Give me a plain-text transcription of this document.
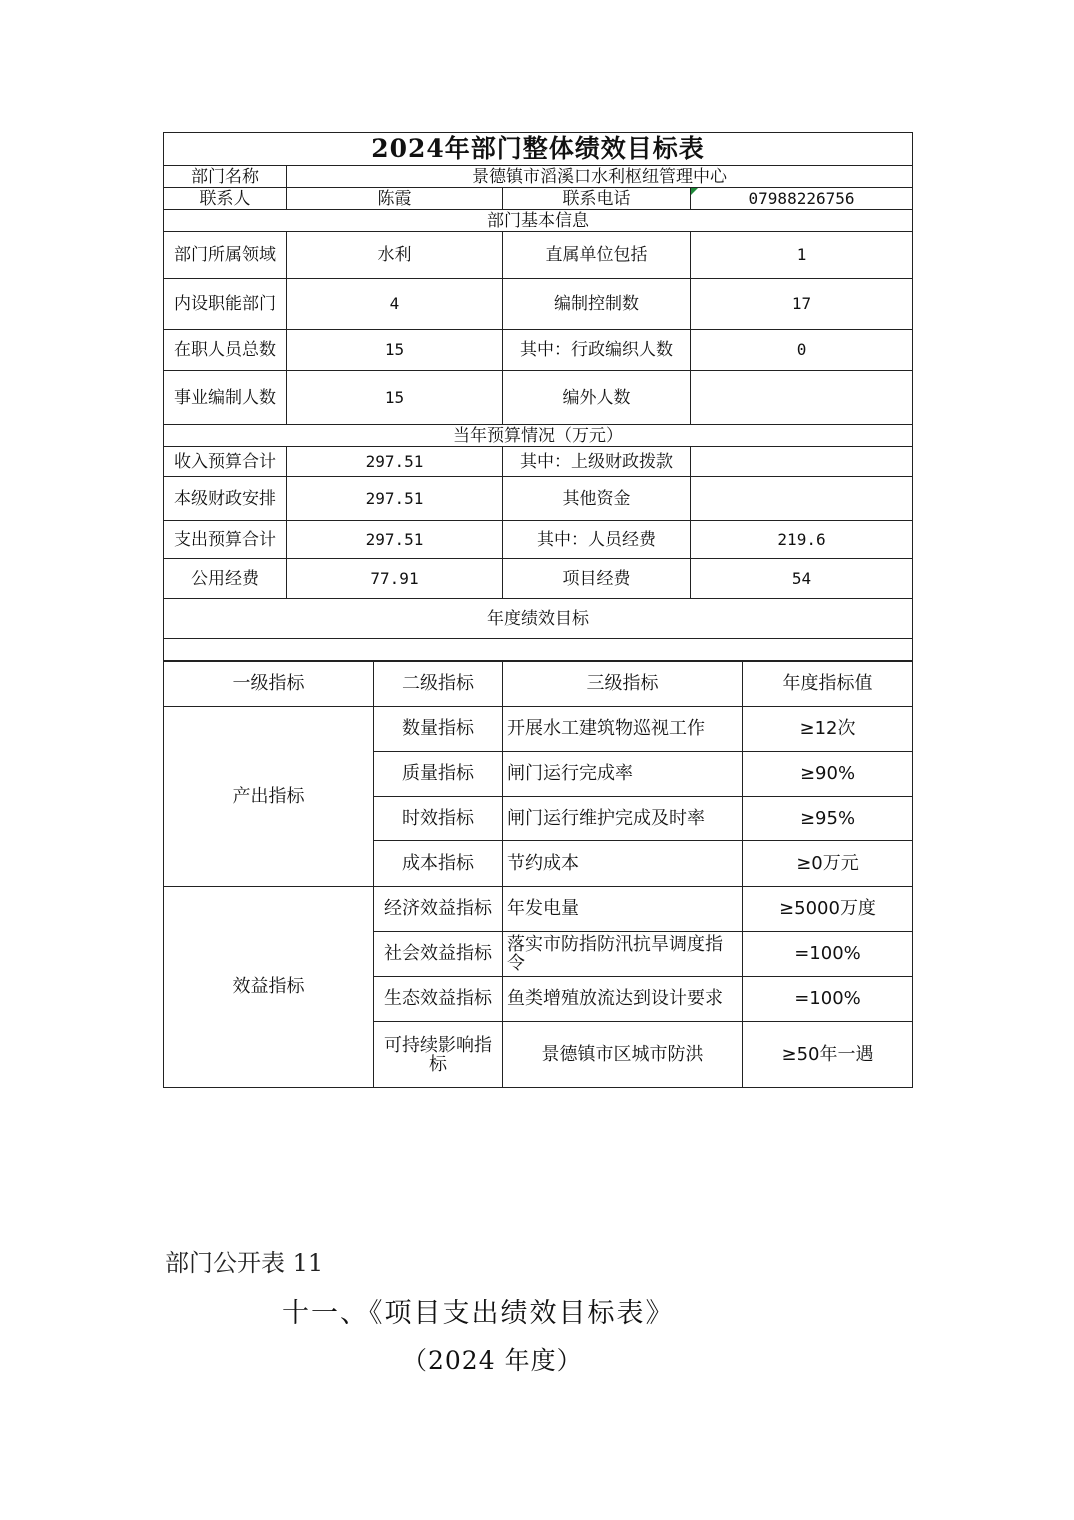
2024年部门整体绩效目标表			
部门名称	景德镇市滔溪口水利枢纽管理中心		
联系人	陈霞	联系电话	07988226756
部门基本信息			
部门所属领域	水利	直属单位包括	1
内设职能部门	4	编制控制数	17
在职人员总数	15	其中：行政编织人数	0
事业编制人数	15	编外人数	
当年预算情况（万元）			
收入预算合计	297.51	其中：上级财政拨款	
本级财政安排	297.51	其他资金	
支出预算合计	297.51	其中：人员经费	219.6
公用经费	77.91	项目经费	54
年度绩效目标			

一级指标	二级指标	三级指标	年度指标值
产出指标	数量指标	开展水工建筑物巡视工作	≥12次
	质量指标	闸门运行完成率	≥90%
	时效指标	闸门运行维护完成及时率	≥95%
	成本指标	节约成本	≥0万元
效益指标	经济效益指标	年发电量	≥5000万度
	社会效益指标	落实市防指防汛抗旱调度指令	=100%
	生态效益指标	鱼类增殖放流达到设计要求	=100%
	可持续影响指标	景德镇市区城市防洪	≥50年一遇
部门公开表 11
十一、《项目支出绩效目标表》
（2024 年度）
